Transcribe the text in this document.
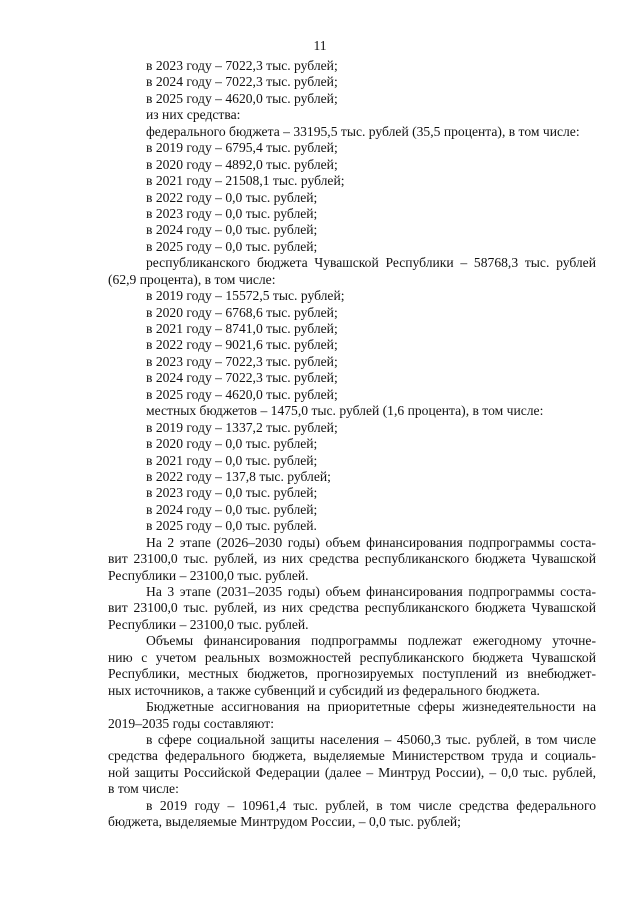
11
в 2023 году – 7022,3 тыс. рублей;
в 2024 году – 7022,3 тыс. рублей;
в 2025 году – 4620,0 тыс. рублей;
из них средства:
федерального бюджета – 33195,5 тыс. рублей (35,5 процента), в том числе:
в 2019 году – 6795,4 тыс. рублей;
в 2020 году – 4892,0 тыс. рублей;
в 2021 году – 21508,1 тыс. рублей;
в 2022 году – 0,0 тыс. рублей;
в 2023 году – 0,0 тыс. рублей;
в 2024 году – 0,0 тыс. рублей;
в 2025 году – 0,0 тыс. рублей;
республиканского бюджета Чувашской Республики – 58768,3 тыс. рублей
(62,9 процента), в том числе:
в 2019 году – 15572,5 тыс. рублей;
в 2020 году – 6768,6 тыс. рублей;
в 2021 году – 8741,0 тыс. рублей;
в 2022 году – 9021,6 тыс. рублей;
в 2023 году – 7022,3 тыс. рублей;
в 2024 году – 7022,3 тыс. рублей;
в 2025 году – 4620,0 тыс. рублей;
местных бюджетов – 1475,0 тыс. рублей (1,6 процента), в том числе:
в 2019 году – 1337,2 тыс. рублей;
в 2020 году – 0,0 тыс. рублей;
в 2021 году – 0,0 тыс. рублей;
в 2022 году – 137,8 тыс. рублей;
в 2023 году – 0,0 тыс. рублей;
в 2024 году – 0,0 тыс. рублей;
в 2025 году – 0,0 тыс. рублей.
На 2 этапе (2026–2030 годы) объем финансирования подпрограммы соста-
вит 23100,0 тыс. рублей, из них средства республиканского бюджета Чувашской
Республики – 23100,0 тыс. рублей.
На 3 этапе (2031–2035 годы) объем финансирования подпрограммы соста-
вит 23100,0 тыс. рублей, из них средства республиканского бюджета Чувашской
Республики – 23100,0 тыс. рублей.
Объемы финансирования подпрограммы подлежат ежегодному уточне-
нию с учетом реальных возможностей республиканского бюджета Чувашской
Республики, местных бюджетов, прогнозируемых поступлений из внебюджет-
ных источников, а также субвенций и субсидий из федерального бюджета.
Бюджетные ассигнования на приоритетные сферы жизнедеятельности на
2019–2035 годы составляют:
в сфере социальной защиты населения – 45060,3 тыс. рублей, в том числе
средства федерального бюджета, выделяемые Министерством труда и социаль-
ной защиты Российской Федерации (далее – Минтруд России), – 0,0 тыс. рублей,
в том числе:
в 2019 году – 10961,4 тыс. рублей, в том числе средства федерального
бюджета, выделяемые Минтрудом России, – 0,0 тыс. рублей;
